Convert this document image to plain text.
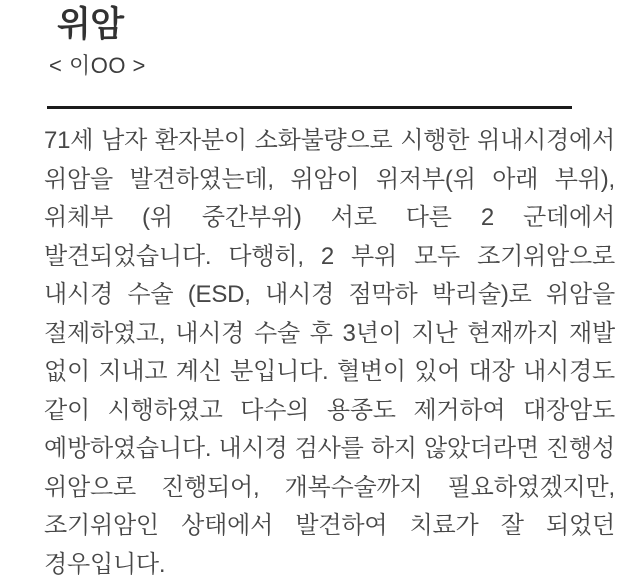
위암
< 이OO >

71세 남자 환자분이 소화불량으로 시행한 위내시경에서 위암을 발견하였는데, 위암이 위저부(위 아래 부위), 위체부 (위 중간부위) 서로 다른 2 군데에서 발견되었습니다. 다행히, 2 부위 모두 조기위암으로 내시경 수술 (ESD, 내시경 점막하 박리술)로 위암을 절제하였고, 내시경 수술 후 3년이 지난 현재까지 재발 없이 지내고 계신 분입니다. 혈변이 있어 대장 내시경도 같이 시행하였고 다수의 용종도 제거하여 대장암도 예방하였습니다. 내시경 검사를 하지 않았더라면 진행성 위암으로 진행되어, 개복수술까지 필요하였겠지만, 조기위암인 상태에서 발견하여 치료가 잘 되었던 경우입니다.
